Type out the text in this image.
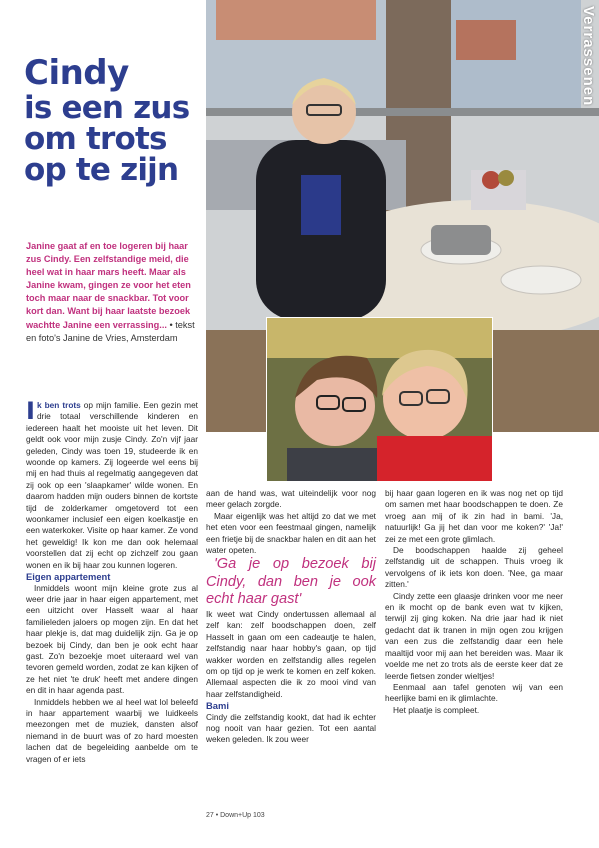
Verrassenen
Cindy
is een zus om trots op te zijn
Janine gaat af en toe logeren bij haar zus Cindy. Een zelfstandige meid, die heel wat in haar mars heeft. Maar als Janine kwam, gingen ze voor het eten toch maar naar de snackbar. Tot voor kort dan. Want bij haar laatste bezoek wachtte Janine een verrassing... • tekst en foto's Janine de Vries, Amsterdam

Ik ben trots op mijn familie. Een gezin met drie totaal verschillende kinderen en iedereen haalt het mooiste uit het leven. Dit geldt ook voor mijn zusje Cindy. Zo'n vijf jaar geleden, Cindy was toen 19, studeerde ik en woonde op kamers. Zij logeerde wel eens bij mij en had thuis al regelmatig aangegeven dat zij ook op een 'slaapkamer' wilde wonen. En daarom hadden mijn ouders binnen de kortste tijd de zolderkamer omgetoverd tot een woonkamer inclusief een eigen koelkastje en een waterkoker. Visite op haar kamer. Ze vond het geweldig! Ik kon me dan ook helemaal voorstellen dat zij echt op zichzelf zou gaan wonen en ik bij haar zou kunnen logeren.

Eigen appartement

Inmiddels woont mijn kleine grote zus al weer drie jaar in haar eigen appartement, met een uitzicht over Hasselt waar al haar familieleden jaloers op mogen zijn. En dat het haar plekje is, dat mag duidelijk zijn. Ga je op bezoek bij Cindy, dan ben je ook echt haar gast. Zo'n bezoekje moet uiteraard wel van tevoren gemeld worden, zodat ze kan kijken of ze het niet 'te druk' heeft met andere dingen en dit in haar agenda past.

Inmiddels hebben we al heel wat lol beleefd in haar appartement waarbij we luidkeels meezongen met de muziek, dansten alsof niemand in de buurt was of zo hard moesten lachen dat de begeleiding aanbelde om te vragen of er iets

aan de hand was, wat uiteindelijk voor nog meer gelach zorgde.

Maar eigenlijk was het altijd zo dat we met het eten voor een feestmaal gingen, namelijk een frietje bij de snackbar halen en dit aan het water opeten.

'Ga je op bezoek bij Cindy, dan ben je ook echt haar gast'

Ik weet wat Cindy ondertussen allemaal al zelf kan: zelf boodschappen doen, zelf Hasselt in gaan om een cadeautje te halen, zelfstandig naar haar hobby's gaan, op tijd wakker worden en zelfstandig alles regelen om op tijd op je werk te komen en zelf koken. Allemaal aspecten die ik zo mooi vind van haar zelfstandigheid.

Bami

Cindy die zelfstandig kookt, dat had ik echter nog nooit van haar gezien. Tot een aantal weken geleden. Ik zou weer

bij haar gaan logeren en ik was nog net op tijd om samen met haar boodschappen te doen. Ze vroeg aan mij of ik zin had in bami. 'Ja, natuurlijk! Ga jij het dan voor me koken?' 'Ja!' zei ze met een grote glimlach.

De boodschappen haalde zij geheel zelfstandig uit de schappen. Thuis vroeg ik vervolgens of ik iets kon doen. 'Nee, ga maar zitten.'

Cindy zette een glaasje drinken voor me neer en ik mocht op de bank even wat tv kijken, terwijl zij ging koken. Na drie jaar had ik niet gedacht dat ik tranen in mijn ogen zou krijgen van een zus die zelfstandig daar een hele maaltijd voor mij aan het bereiden was. Maar ik voelde me net zo trots als de eerste keer dat ze leerde fietsen zonder wieltjes!

Eenmaal aan tafel genoten wij van een heerlijke bami en ik glimlachte.

Het plaatje is compleet.

27 • Down+Up 103
